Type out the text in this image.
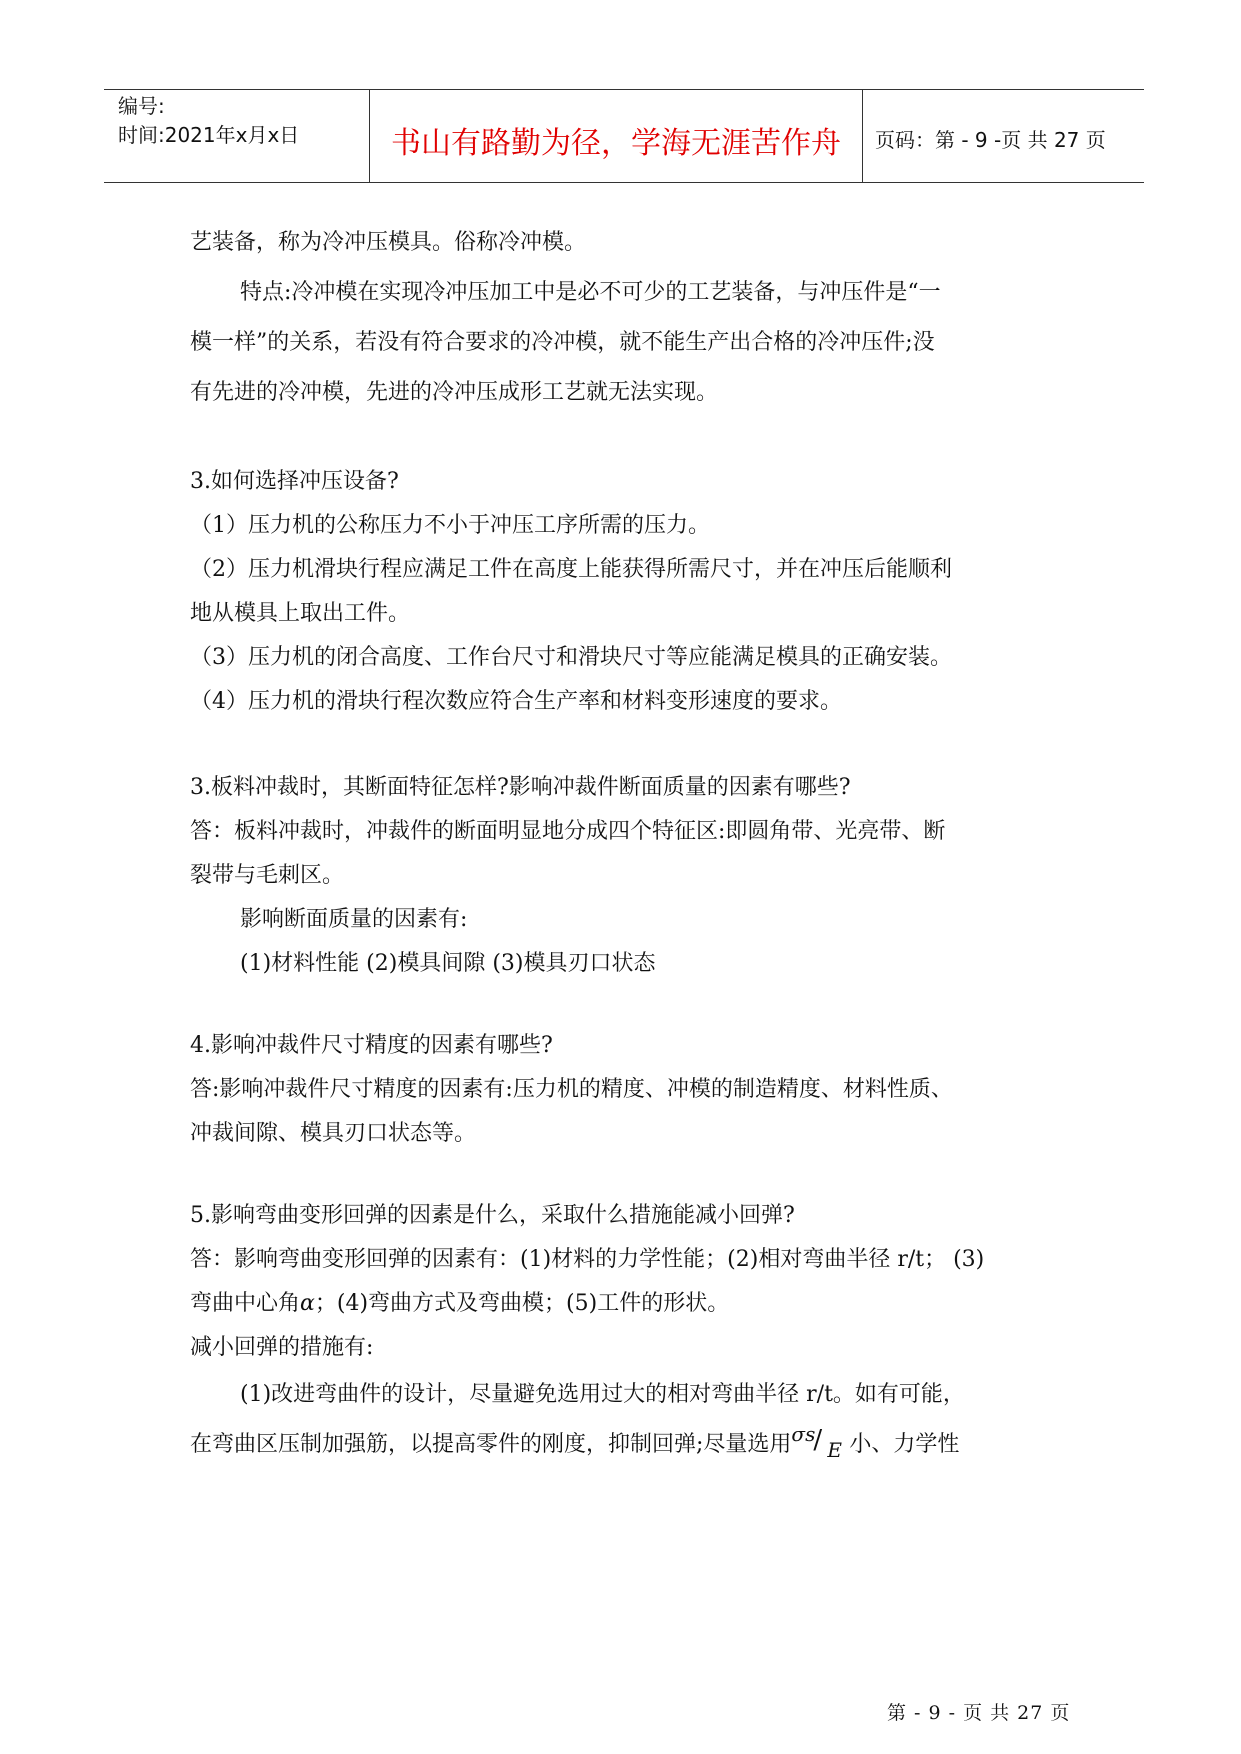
编号:
时间:2021年x月x日	书山有路勤为径，学海无涯苦作舟	页码：第 - 9 -页 共 27 页
艺装备，称为冷冲压模具。俗称冷冲模。
特点:冷冲模在实现冷冲压加工中是必不可少的工艺装备，与冲压件是“一
模一样”的关系，若没有符合要求的冷冲模，就不能生产出合格的冷冲压件;没
有先进的冷冲模，先进的冷冲压成形工艺就无法实现。
3.如何选择冲压设备?
（1）压力机的公称压力不小于冲压工序所需的压力。
（2）压力机滑块行程应满足工件在高度上能获得所需尺寸，并在冲压后能顺利
地从模具上取出工件。
（3）压力机的闭合高度、工作台尺寸和滑块尺寸等应能满足模具的正确安装。
（4）压力机的滑块行程次数应符合生产率和材料变形速度的要求。
3.板料冲裁时，其断面特征怎样?影响冲裁件断面质量的因素有哪些?
答：板料冲裁时，冲裁件的断面明显地分成四个特征区:即圆角带、光亮带、断
裂带与毛刺区。
影响断面质量的因素有:
(1)材料性能 (2)模具间隙 (3)模具刃口状态
4.影响冲裁件尺寸精度的因素有哪些?
答:影响冲裁件尺寸精度的因素有:压力机的精度、冲模的制造精度、材料性质、
冲裁间隙、模具刃口状态等。
5.影响弯曲变形回弹的因素是什么，采取什么措施能减小回弹?
答：影响弯曲变形回弹的因素有：(1)材料的力学性能；(2)相对弯曲半径 r/t； (3)
弯曲中心角α；(4)弯曲方式及弯曲模；(5)工件的形状。
减小回弹的措施有:
(1)改进弯曲件的设计，尽量避免选用过大的相对弯曲半径 r/t。如有可能，
在弯曲区压制加强筋，以提高零件的刚度，抑制回弹;尽量选用 σs
/ E 小、力学性
第 - 9 - 页 共 27 页
